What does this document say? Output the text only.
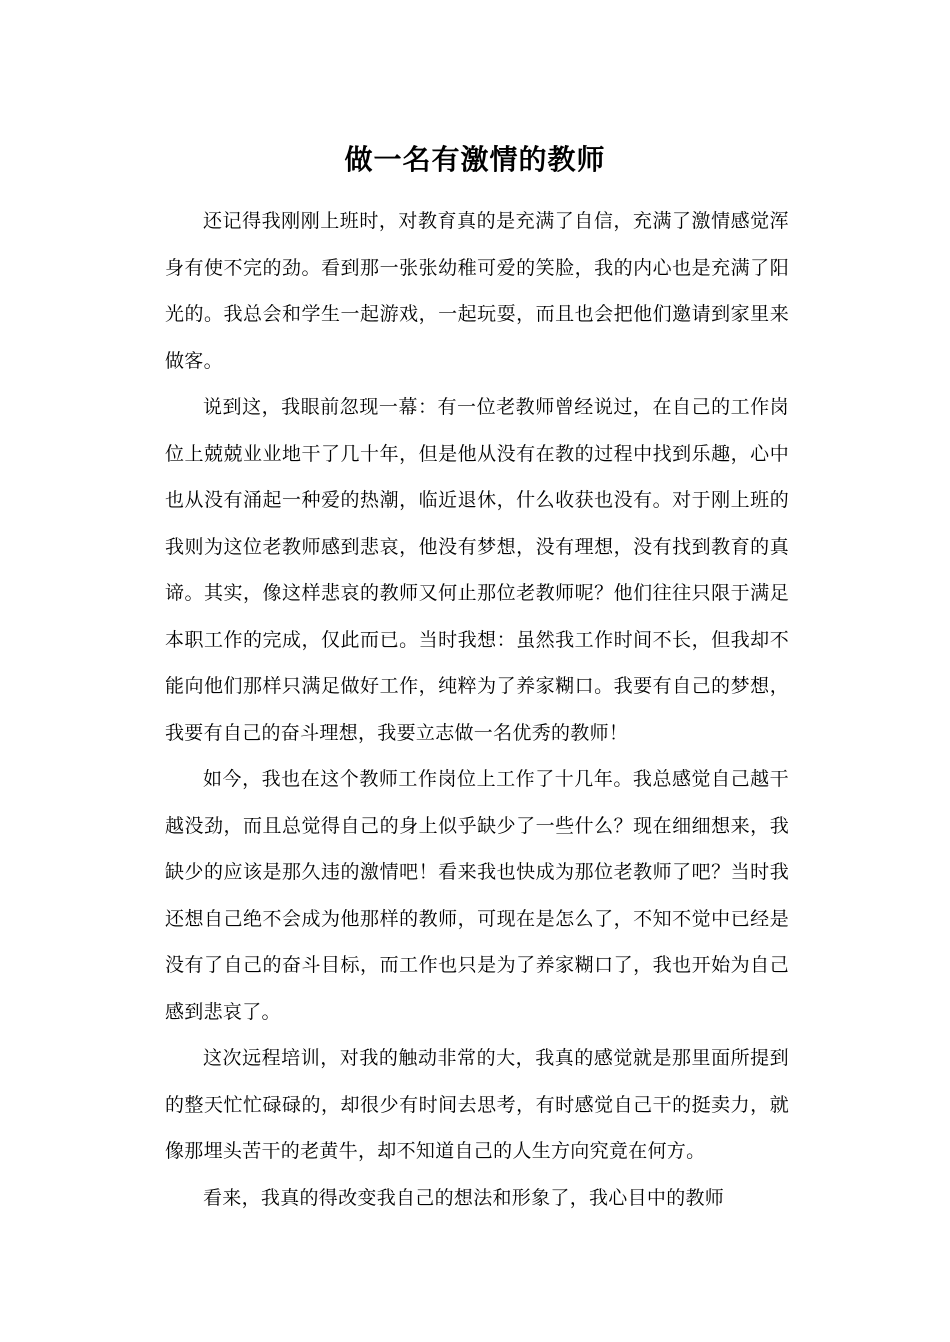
做一名有激情的教师

还记得我刚刚上班时，对教育真的是充满了自信，充满了激情感觉浑身有使不完的劲。看到那一张张幼稚可爱的笑脸，我的内心也是充满了阳光的。我总会和学生一起游戏，一起玩耍，而且也会把他们邀请到家里来做客。

说到这，我眼前忽现一幕：有一位老教师曾经说过，在自己的工作岗位上兢兢业业地干了几十年，但是他从没有在教的过程中找到乐趣，心中也从没有涌起一种爱的热潮，临近退休，什么收获也没有。对于刚上班的我则为这位老教师感到悲哀，他没有梦想，没有理想，没有找到教育的真谛。其实，像这样悲哀的教师又何止那位老教师呢？他们往往只限于满足本职工作的完成，仅此而已。当时我想：虽然我工作时间不长，但我却不能向他们那样只满足做好工作，纯粹为了养家糊口。我要有自己的梦想，我要有自己的奋斗理想，我要立志做一名优秀的教师！

如今，我也在这个教师工作岗位上工作了十几年。我总感觉自己越干越没劲，而且总觉得自己的身上似乎缺少了一些什么？现在细细想来，我缺少的应该是那久违的激情吧！看来我也快成为那位老教师了吧？当时我还想自己绝不会成为他那样的教师，可现在是怎么了，不知不觉中已经是没有了自己的奋斗目标，而工作也只是为了养家糊口了，我也开始为自己感到悲哀了。

这次远程培训，对我的触动非常的大，我真的感觉就是那里面所提到的整天忙忙碌碌的，却很少有时间去思考，有时感觉自己干的挺卖力，就像那埋头苦干的老黄牛，却不知道自己的人生方向究竟在何方。

看来，我真的得改变我自己的想法和形象了，我心目中的教师
